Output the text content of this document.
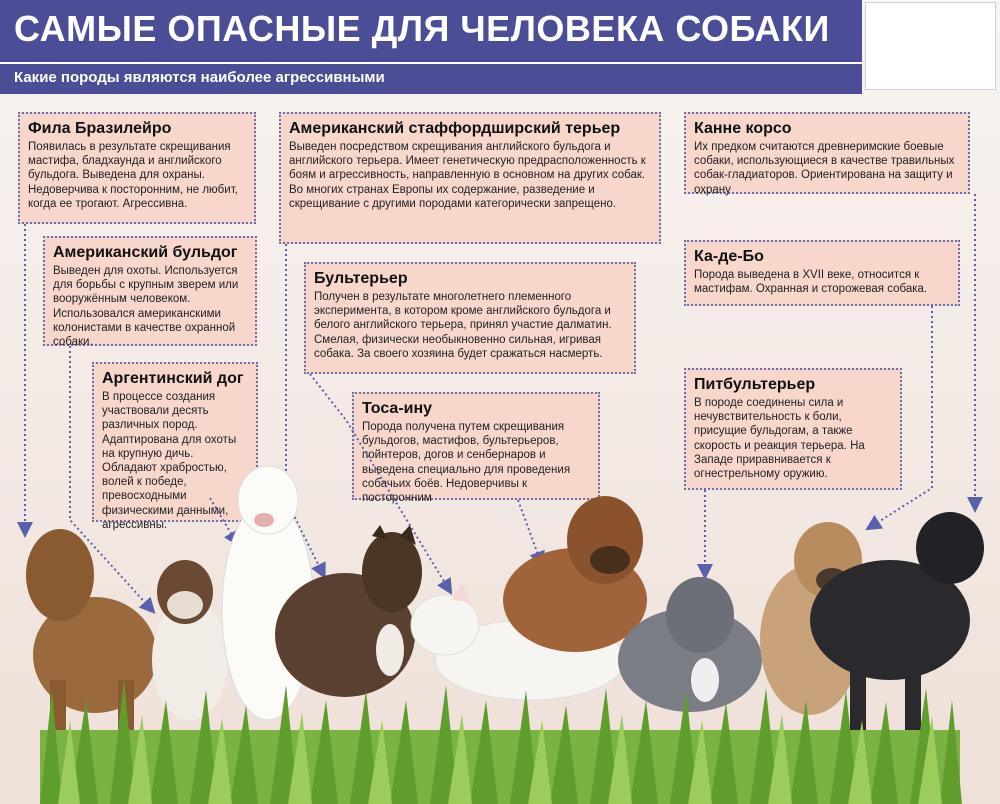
САМЫЕ ОПАСНЫЕ ДЛЯ ЧЕЛОВЕКА СОБАКИ
Какие породы являются наиболее агрессивными
Фила Бразилейро

Появилась в результате скрещивания мастифа, бладхаунда и английского бульдога. Выведена для охраны. Недоверчива к посторонним, не любит, когда ее трогают. Агрессивна.

Американский бульдог

Выведен для охоты. Используется для борьбы с крупным зверем или вооружённым человеком. Использовался американскими колонистами в качестве охранной собаки.

Аргентинский дог

В процессе создания участвовали десять различных пород. Адаптирована для охоты на крупную дичь. Обладают храбростью, волей к победе, превосходными физическими данными, агрессивны.

Американский стаффордширский терьер

Выведен посредством скрещивания английского бульдога и английского терьера. Имеет генетическую предрасположенность к боям и агрессивность, направленную в основном на других собак. Во многих странах Европы их содержание, разведение и скрещивание с другими породами категорически запрещено.

Бультерьер

Получен в результате многолетнего племенного эксперимента, в котором кроме английского бульдога и белого английского терьера, принял участие далматин. Смелая, физически необыкновенно сильная, игривая собака. За своего хозяина будет сражаться насмерть.

Тоса-ину

Порода получена путем скрещивания бульдогов, мастифов, бультерьеров, пойнтеров, догов и сенбернаров и выведена специально для проведения собачьих боёв. Недоверчивы к посторонним

Канне корсо

Их предком считаются древнеримские боевые собаки, использующиеся в качестве травильных собак-гладиаторов. Ориентирована на защиту и охрану

Ка-де-Бо

Порода выведена в XVII веке, относится к мастифам. Охранная и сторожевая собака.

Питбультерьер

В породе соединены сила и нечувствительность к боли, присущие бульдогам, а также скорость и реакция терьера. На Западе приравнивается к огнестрельному оружию.
